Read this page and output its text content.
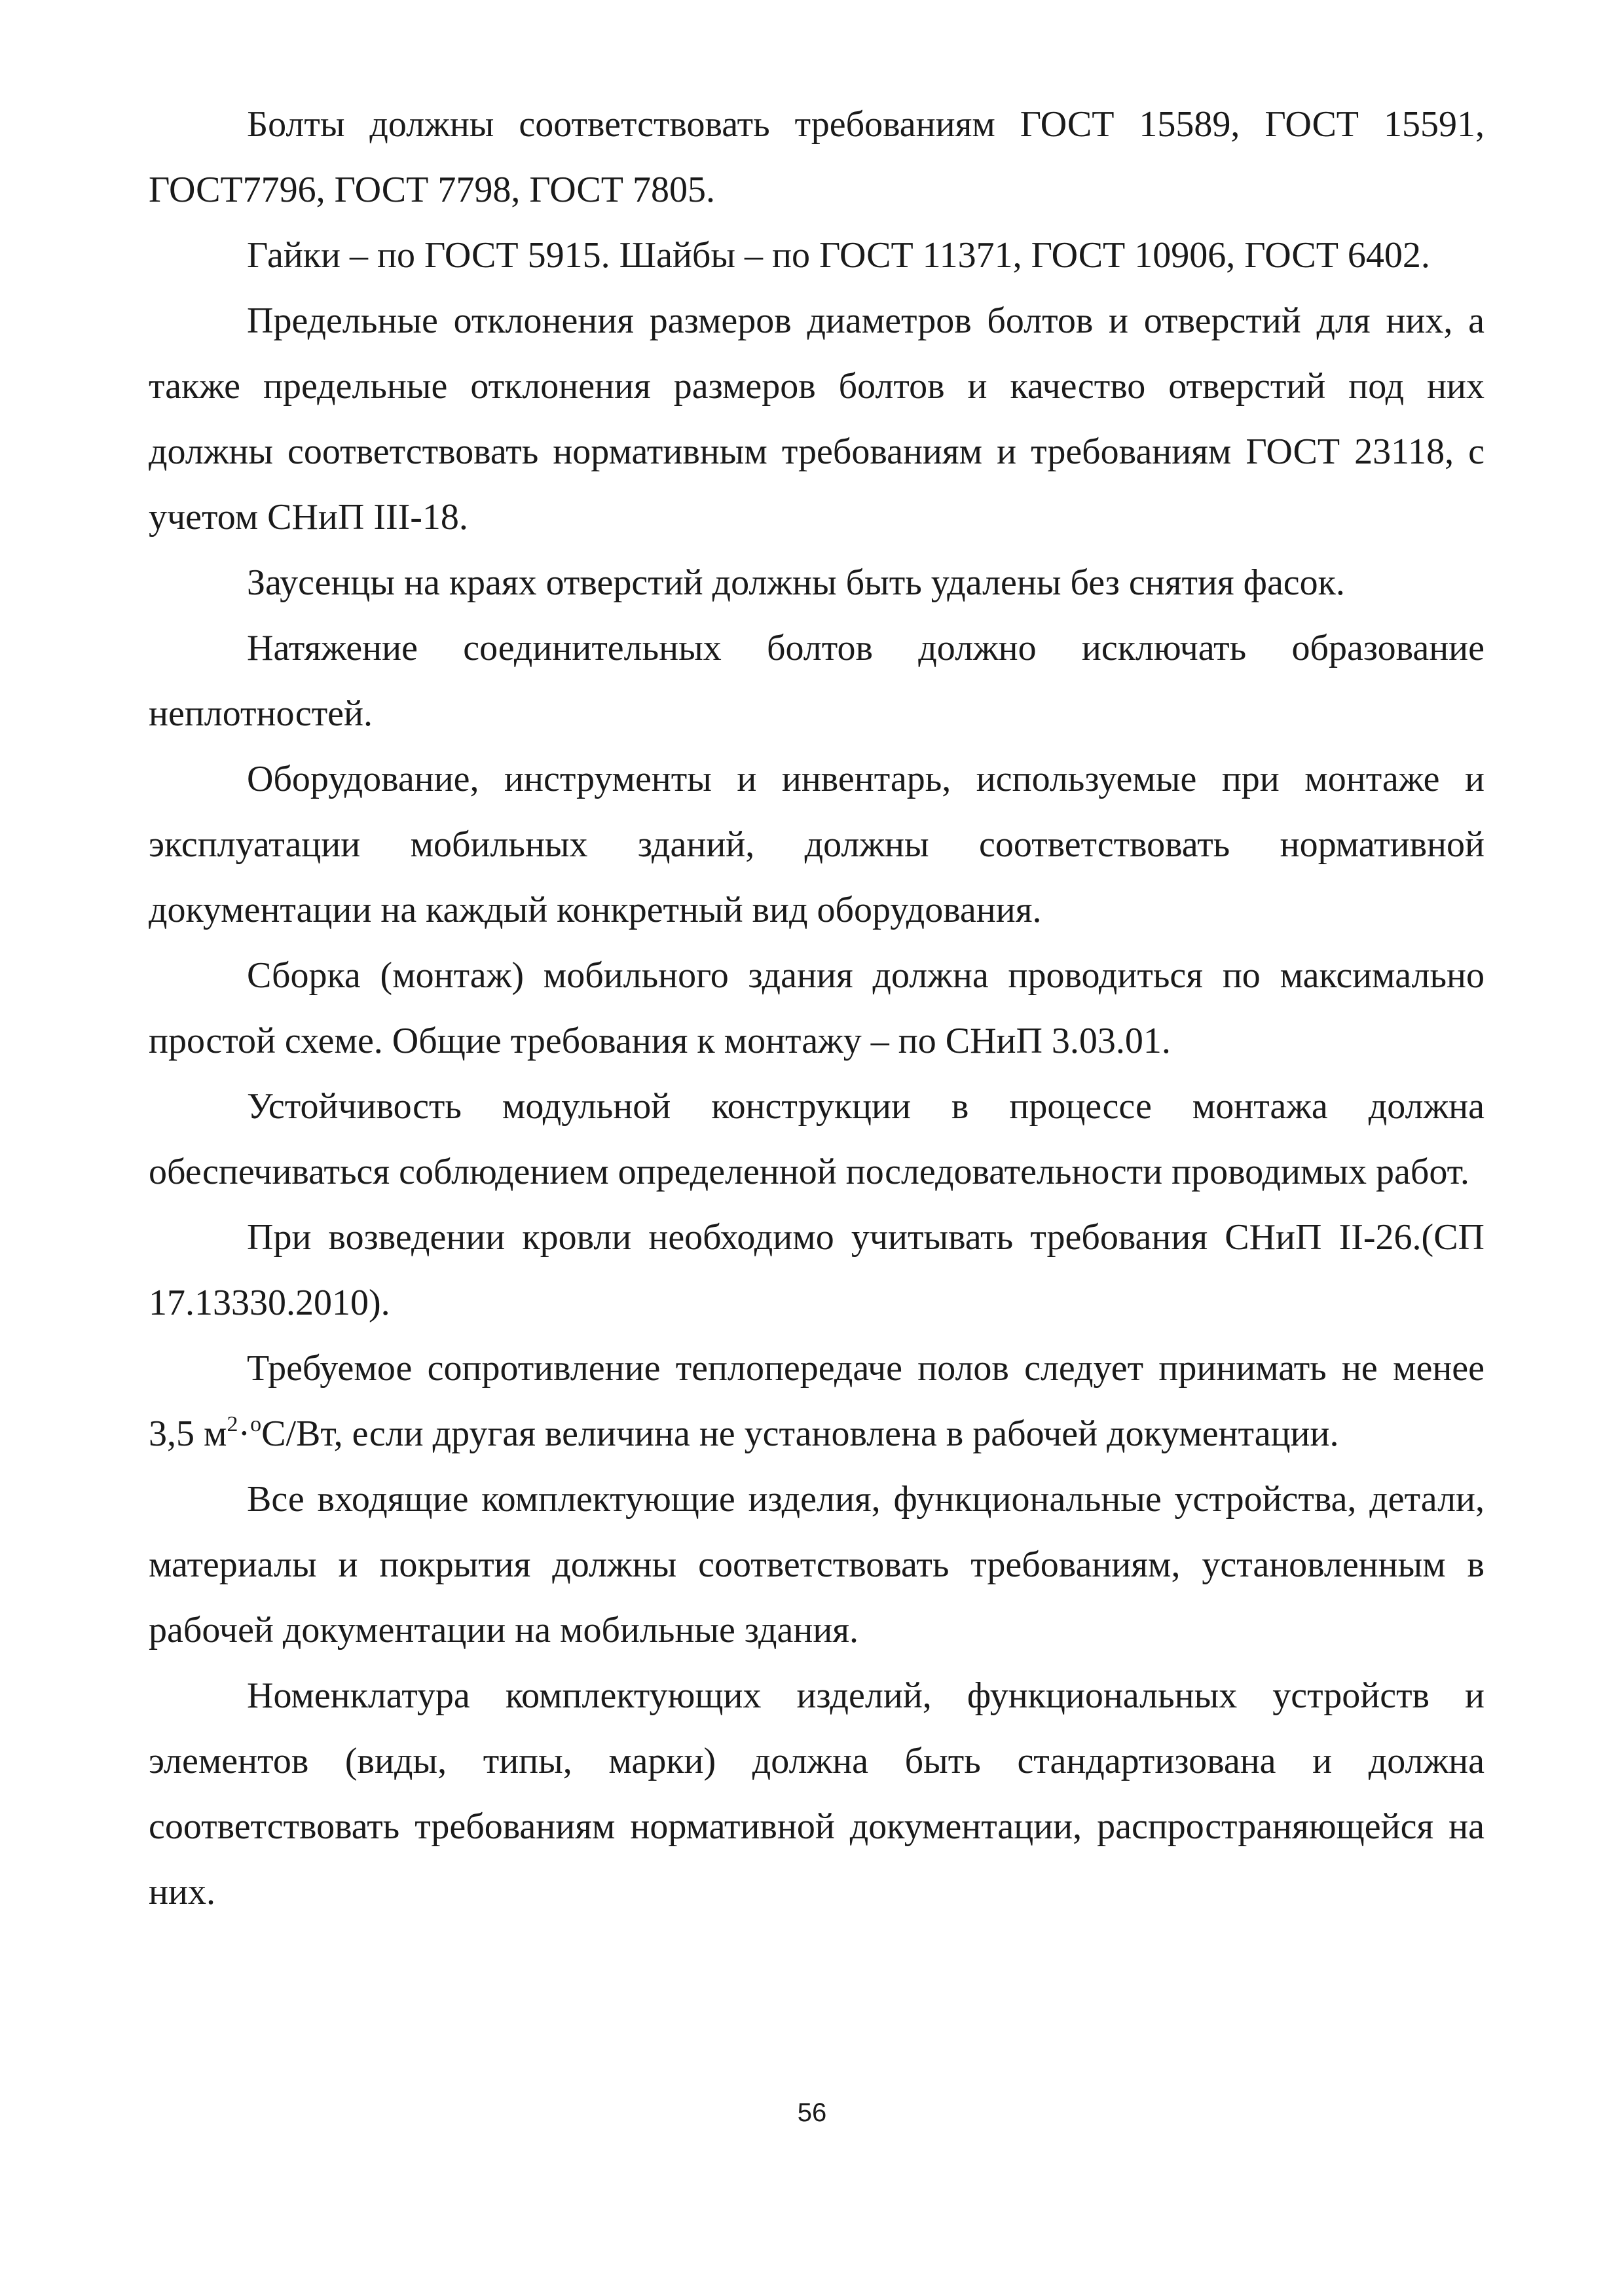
Болты должны соответствовать требованиям ГОСТ 15589, ГОСТ 15591, ГОСТ7796, ГОСТ 7798, ГОСТ 7805.

Гайки – по ГОСТ 5915. Шайбы – по ГОСТ 11371, ГОСТ 10906, ГОСТ 6402.

Предельные отклонения размеров диаметров болтов и отверстий для них, а также предельные отклонения размеров болтов и качество отверстий под них должны соответствовать нормативным требованиям и требованиям ГОСТ 23118, с учетом СНиП III-18.

Заусенцы на краях отверстий должны быть удалены без снятия фасок.

Натяжение соединительных болтов должно исключать образование неплотностей.

Оборудование, инструменты и инвентарь, используемые при монтаже и эксплуатации мобильных зданий, должны соответствовать нормативной документации на каждый конкретный вид оборудования.

Сборка (монтаж) мобильного здания должна проводиться по максимально простой схеме. Общие требования к монтажу – по СНиП 3.03.01.

Устойчивость модульной конструкции в процессе монтажа должна обеспечиваться соблюдением определенной последовательности проводимых работ.

При возведении кровли необходимо учитывать требования СНиП II-26.(СП 17.13330.2010).

Требуемое сопротивление теплопередаче полов следует принимать не менее 3,5 $м^2\cdot^oС/Вт$, если другая величина не установлена в рабочей документации.

Все входящие комплектующие изделия, функциональные устройства, детали, материалы и покрытия должны соответствовать требованиям, установленным в рабочей документации на мобильные здания.

Номенклатура комплектующих изделий, функциональных устройств и элементов (виды, типы, марки) должна быть стандартизована и должна соответствовать требованиям нормативной документации, распространяющейся на них.

56
